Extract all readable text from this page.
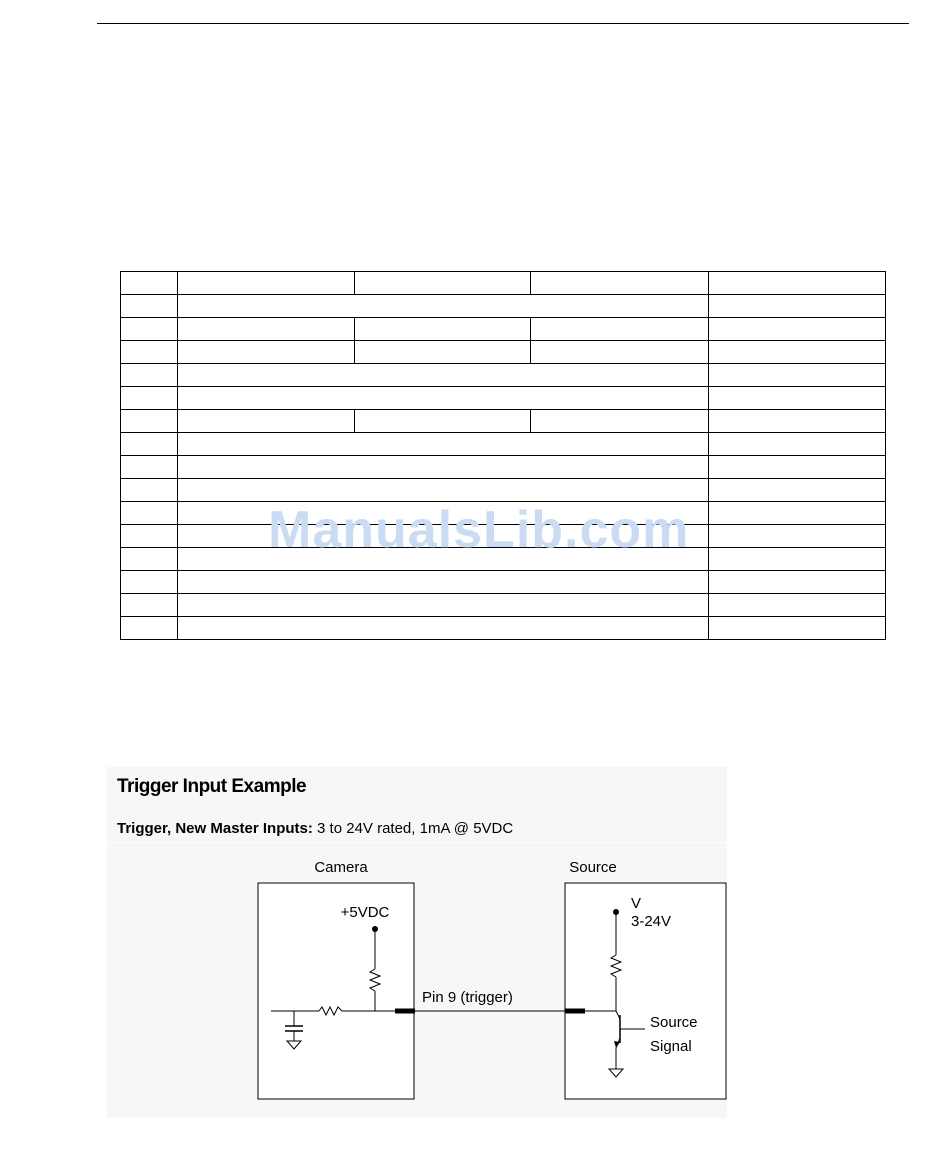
ManualsLib.com
Trigger Input Example
Trigger, New Master Inputs: 3 to 24V rated, 1mA @ 5VDC
Camera	Source
+5VDC
Pin 9 (trigger)
V
3-24V
Source
Signal
